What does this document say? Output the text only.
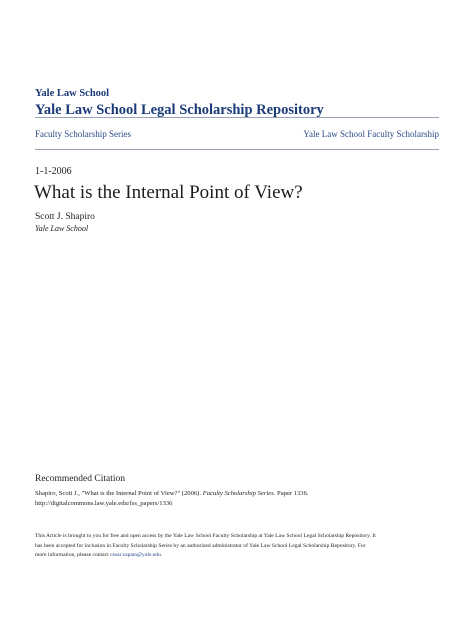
Yale Law School
Yale Law School Legal Scholarship Repository
Faculty Scholarship Series	Yale Law School Faculty Scholarship
1-1-2006
What is the Internal Point of View?
Scott J. Shapiro
Yale Law School
Recommended Citation
Shapiro, Scott J., "What is the Internal Point of View?" (2006). Faculty Scholarship Series. Paper 1336.
http://digitalcommons.law.yale.edu/fss_papers/1336
This Article is brought to you for free and open access by the Yale Law School Faculty Scholarship at Yale Law School Legal Scholarship Repository. It
has been accepted for inclusion in Faculty Scholarship Series by an authorized administrator of Yale Law School Legal Scholarship Repository. For
more information, please contact cesar.zapata@yale.edu.
